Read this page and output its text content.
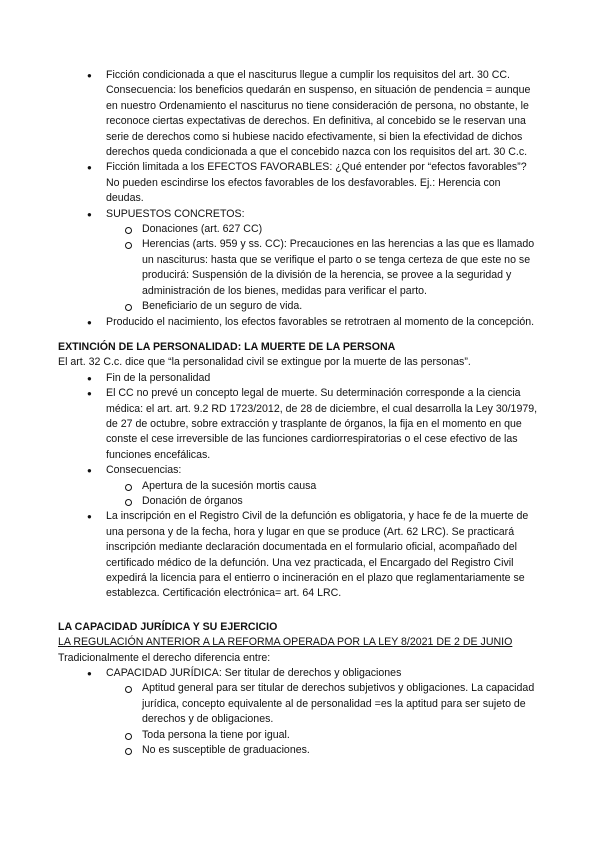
● Ficción condicionada a que el nasciturus llegue a cumplir los requisitos del art. 30 CC. Consecuencia: los beneficios quedarán en suspenso, en situación de pendencia = aunque en nuestro Ordenamiento el nasciturus no tiene consideración de persona, no obstante, le reconoce ciertas expectativas de derechos. En definitiva, al concebido se le reservan una serie de derechos como si hubiese nacido efectivamente, si bien la efectividad de dichos derechos queda condicionada a que el concebido nazca con los requisitos del art. 30 C.c.
● Ficción limitada a los EFECTOS FAVORABLES: ¿Qué entender por “efectos favorables”? No pueden escindirse los efectos favorables de los desfavorables. Ej.: Herencia con deudas.
● SUPUESTOS CONCRETOS:
Donaciones (art. 627 CC)
Herencias (arts. 959 y ss. CC): Precauciones en las herencias a las que es llamado un nasciturus: hasta que se verifique el parto o se tenga certeza de que este no se producirá: Suspensión de la división de la herencia, se provee a la seguridad y administración de los bienes, medidas para verificar el parto.
Beneficiario de un seguro de vida.
● Producido el nacimiento, los efectos favorables se retrotraen al momento de la concepción.
EXTINCIÓN DE LA PERSONALIDAD: LA MUERTE DE LA PERSONA
El art. 32 C.c. dice que “la personalidad civil se extingue por la muerte de las personas”.
● Fin de la personalidad
● El CC no prevé un concepto legal de muerte. Su determinación corresponde a la ciencia médica: el art. art. 9.2 RD 1723/2012, de 28 de diciembre, el cual desarrolla la Ley 30/1979, de 27 de octubre, sobre extracción y trasplante de órganos, la fija en el momento en que conste el cese irreversible de las funciones cardiorrespiratorias o el cese efectivo de las funciones encefálicas.
● Consecuencias:
Apertura de la sucesión mortis causa
Donación de órganos
● La inscripción en el Registro Civil de la defunción es obligatoria, y hace fe de la muerte de una persona y de la fecha, hora y lugar en que se produce (Art. 62 LRC). Se practicará inscripción mediante declaración documentada en el formulario oficial, acompañado del certificado médico de la defunción. Una vez practicada, el Encargado del Registro Civil expedirá la licencia para el entierro o incineración en el plazo que reglamentariamente se establezca. Certificación electrónica= art. 64 LRC.
LA CAPACIDAD JURÍDICA Y SU EJERCICIO
LA REGULACIÓN ANTERIOR A LA REFORMA OPERADA POR LA LEY 8/2021 DE 2 DE JUNIO
Tradicionalmente el derecho diferencia entre:
● CAPACIDAD JURÍDICA: Ser titular de derechos y obligaciones
Aptitud general para ser titular de derechos subjetivos y obligaciones. La capacidad jurídica, concepto equivalente al de personalidad =es la aptitud para ser sujeto de derechos y de obligaciones.
Toda persona la tiene por igual.
No es susceptible de graduaciones.
